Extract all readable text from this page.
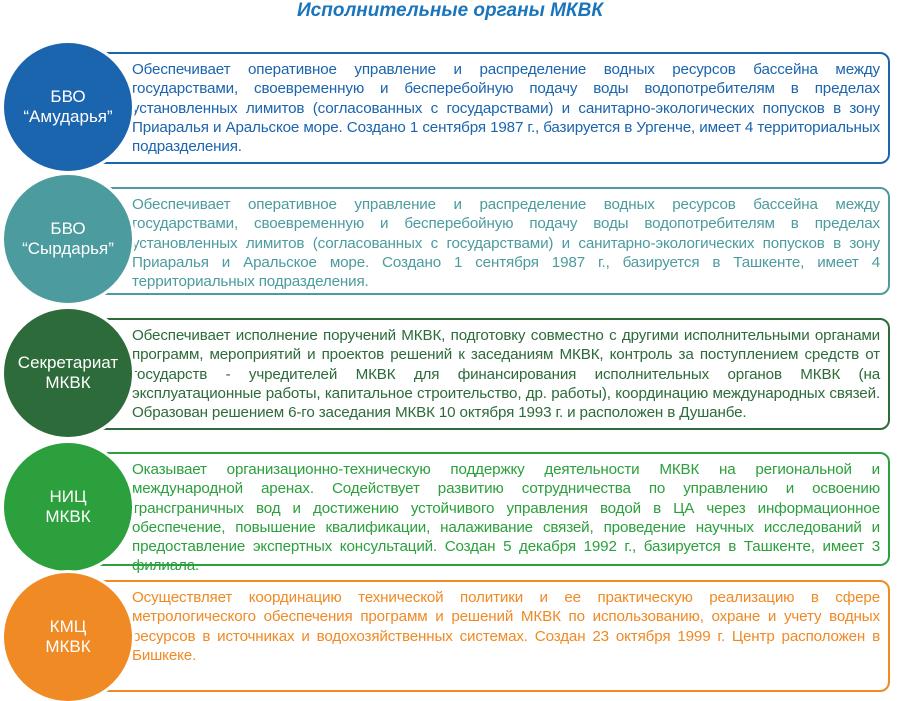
Исполнительные органы МКВК
Обеспечивает оперативное управление и распределение водных ресурсов бассейна между государствами, своевременную и бесперебойную подачу воды водопотребителям в пределах установленных лимитов (согласованных с государствами) и санитарно-экологических попусков в зону Приаралья и Аральское море. Создано 1 сентября 1987 г., базируется в Ургенче, имеет 4 территориальных подразделения.
БВО
“Амударья”
Обеспечивает оперативное управление и распределение водных ресурсов бассейна между государствами, своевременную и бесперебойную подачу воды водопотребителям в пределах установленных лимитов (согласованных с государствами) и санитарно-экологических попусков в зону Приаралья и Аральское море. Создано 1 сентября 1987 г., базируется в Ташкенте, имеет 4 территориальных подразделения.
БВО
“Сырдарья”
Обеспечивает исполнение поручений МКВК, подготовку совместно с другими исполнительными органами программ, мероприятий и проектов решений к заседаниям МКВК, контроль за поступлением средств от государств - учредителей МКВК для финансирования исполнительных органов МКВК (на эксплуатационные работы, капитальное строительство, др. работы), координацию международных связей. Образован решением 6-го заседания МКВК 10 октября 1993 г. и расположен в Душанбе.
Секретариат
МКВК
Оказывает организационно-техническую поддержку деятельности МКВК на региональной и международной аренах. Содействует развитию сотрудничества по управлению и освоению трансграничных вод и достижению устойчивого управления водой в ЦА через информационное обеспечение, повышение квалификации, налаживание связей, проведение научных исследований и предоставление экспертных консультаций. Создан 5 декабря 1992 г., базируется в Ташкенте, имеет 3 филиала.
НИЦ
МКВК
Осуществляет координацию технической политики и ее практическую реализацию в сфере метрологического обеспечения программ и решений МКВК по использованию, охране и учету водных ресурсов в источниках и водохозяйственных системах. Создан 23 октября 1999 г. Центр расположен в Бишкеке.
КМЦ
МКВК
